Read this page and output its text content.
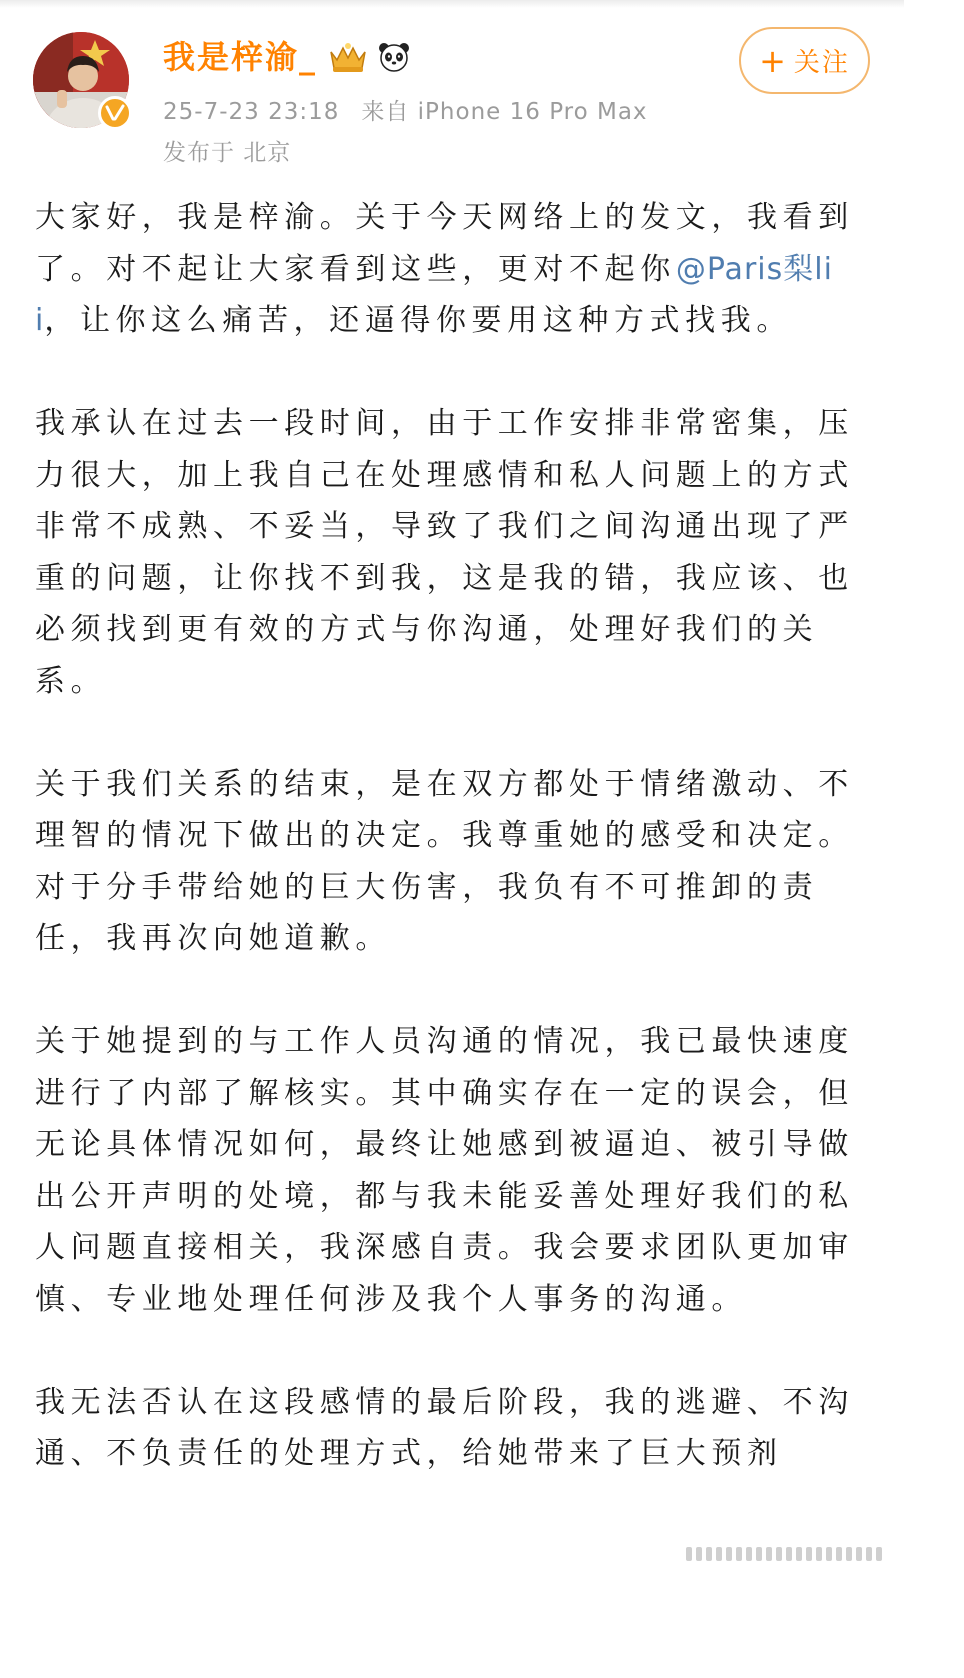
我是梓渝_
25-7-23 23:18 来自 iPhone 16 Pro Max
发布于 北京
+ 关注

大家好，我是梓渝。关于今天网络上的发文，我看到了。对不起让大家看到这些，更对不起你@Paris梨lii，让你这么痛苦，还逼得你要用这种方式找我。

我承认在过去一段时间，由于工作安排非常密集，压力很大，加上我自己在处理感情和私人问题上的方式非常不成熟、不妥当，导致了我们之间沟通出现了严重的问题，让你找不到我，这是我的错，我应该、也必须找到更有效的方式与你沟通，处理好我们的关系。

关于我们关系的结束，是在双方都处于情绪激动、不理智的情况下做出的决定。我尊重她的感受和决定。对于分手带给她的巨大伤害，我负有不可推卸的责任，我再次向她道歉。

关于她提到的与工作人员沟通的情况，我已最快速度进行了内部了解核实。其中确实存在一定的误会，但无论具体情况如何，最终让她感到被逼迫、被引导做出公开声明的处境，都与我未能妥善处理好我们的私人问题直接相关，我深感自责。我会要求团队更加审慎、专业地处理任何涉及我个人事务的沟通。

我无法否认在这段感情的最后阶段，我的逃避、不沟通、不负责任的处理方式，给她带来了巨大预剂
